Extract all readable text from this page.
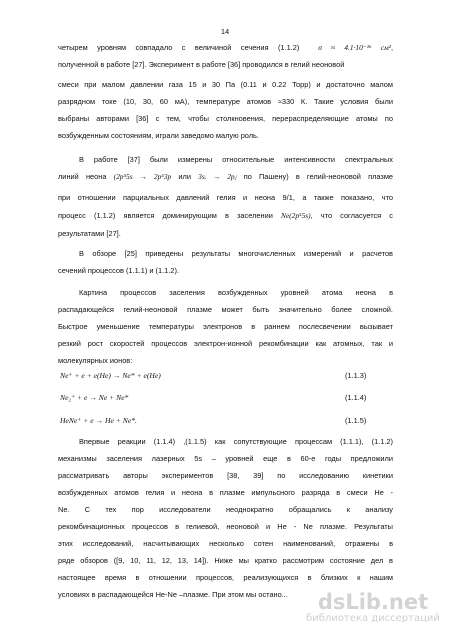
14
четырем уровням совпадало с величиной сечения (1.1.2)	σ ≈ 4.1·10⁻¹⁶ см²,
полученной в работе [27]. Эксперимент в работе [36] проводился в гелий неоновой
смеси при малом давлении газа 15 и 30 Па (0.11 и 0.22 Торр) и достаточно малом
разрядном токе (10, 30, 60 мА), температуре атомов ≈330 К. Такие условия были
выбраны авторами [36] с тем, чтобы столкновения, перераспределяющие атомы по
возбужденным состояниям, играли заведомо малую роль.
В работе [37] были измерены относительные интенсивности спектральных
линий неона (2p⁵5s → 2p⁵3p или 3sᵢ → 2pⱼ по Пашену) в гелий-неоновой плазме
при отношении парциальных давлений гелия и неона 9/1, а также показано, что
процесс (1.1.2) является доминирующим в заселении Ne(2p⁵5s), что согласуется с
результатами [27].
В обзоре [25] приведены результаты многочисленных измерений и расчетов
сечений процессов (1.1.1) и (1.1.2).
Картина процессов заселения возбужденных уровней атома неона в
распадающейся гелий-неоновой плазме может быть значительно более сложной.
Быстрое уменьшение температуры электронов в раннем послесвечении вызывает
резкий рост скоростей процессов электрон-ионной рекомбинации как атомных, так и
молекулярных ионов:
Ne⁺ + e + e(He) → Ne* + e(He)	(1.1.3)
Ne₂⁺ + e → Ne + Ne*	(1.1.4)
HeNe⁺ + e → He + Ne*.	(1.1.5)
Впервые реакции (1.1.4) ,(1.1.5) как сопутствующие процессам (1.1.1), (1.1.2)
механизмы заселения лазерных 5s – уровней еще в 60-е годы предложили
рассматривать авторы экспериментов [38, 39] по исследованию кинетики
возбужденных атомов гелия и неона в плазме импульсного разряда в смеси He -
Ne. С тех пор исследователи неоднократно обращались к анализу
рекомбинационных процессов в гелиевой, неоновой и He - Ne плазме. Результаты
этих исследований, насчитывающих несколько сотен наименований, отражены в
ряде обзоров ([9, 10, 11, 12, 13, 14]). Ниже мы кратко рассмотрим состояние дел в
настоящее время в отношении процессов, реализующихся в близких к нашим
условиях в распадающейся He-Ne –плазме. При этом мы остано...	dsLib.net
библиотека диссертаций
